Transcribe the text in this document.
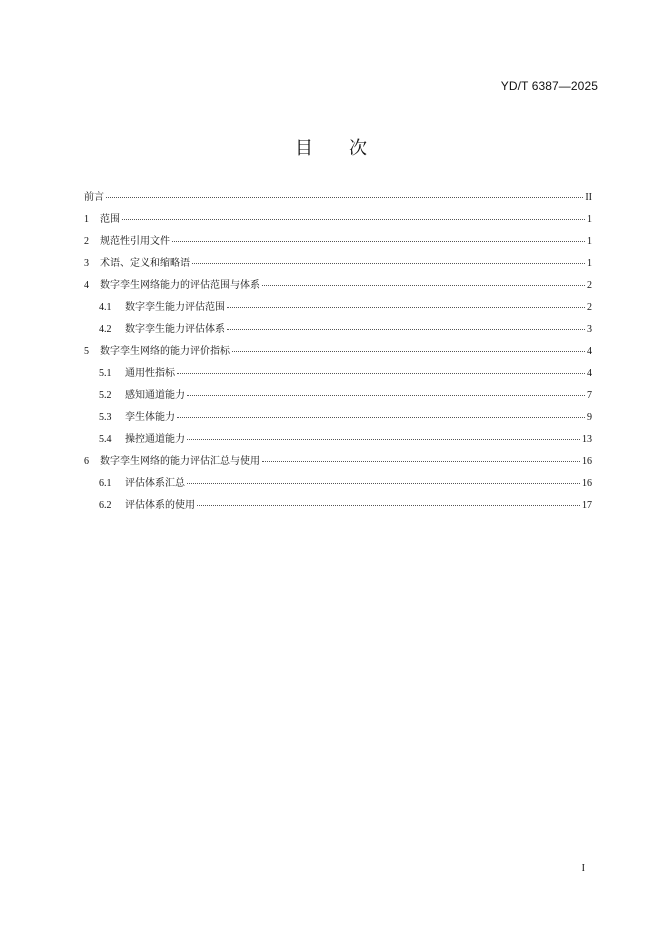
YD/T 6387—2025
目 次
前言	II
1	范围	1
2	规范性引用文件	1
3	术语、定义和缩略语	1
4	数字孪生网络能力的评估范围与体系	2
4.1	数字孪生能力评估范围	2
4.2	数字孪生能力评估体系	3
5	数字孪生网络的能力评价指标	4
5.1	通用性指标	4
5.2	感知通道能力	7
5.3	孪生体能力	9
5.4	操控通道能力	13
6	数字孪生网络的能力评估汇总与使用	16
6.1	评估体系汇总	16
6.2	评估体系的使用	17
I
